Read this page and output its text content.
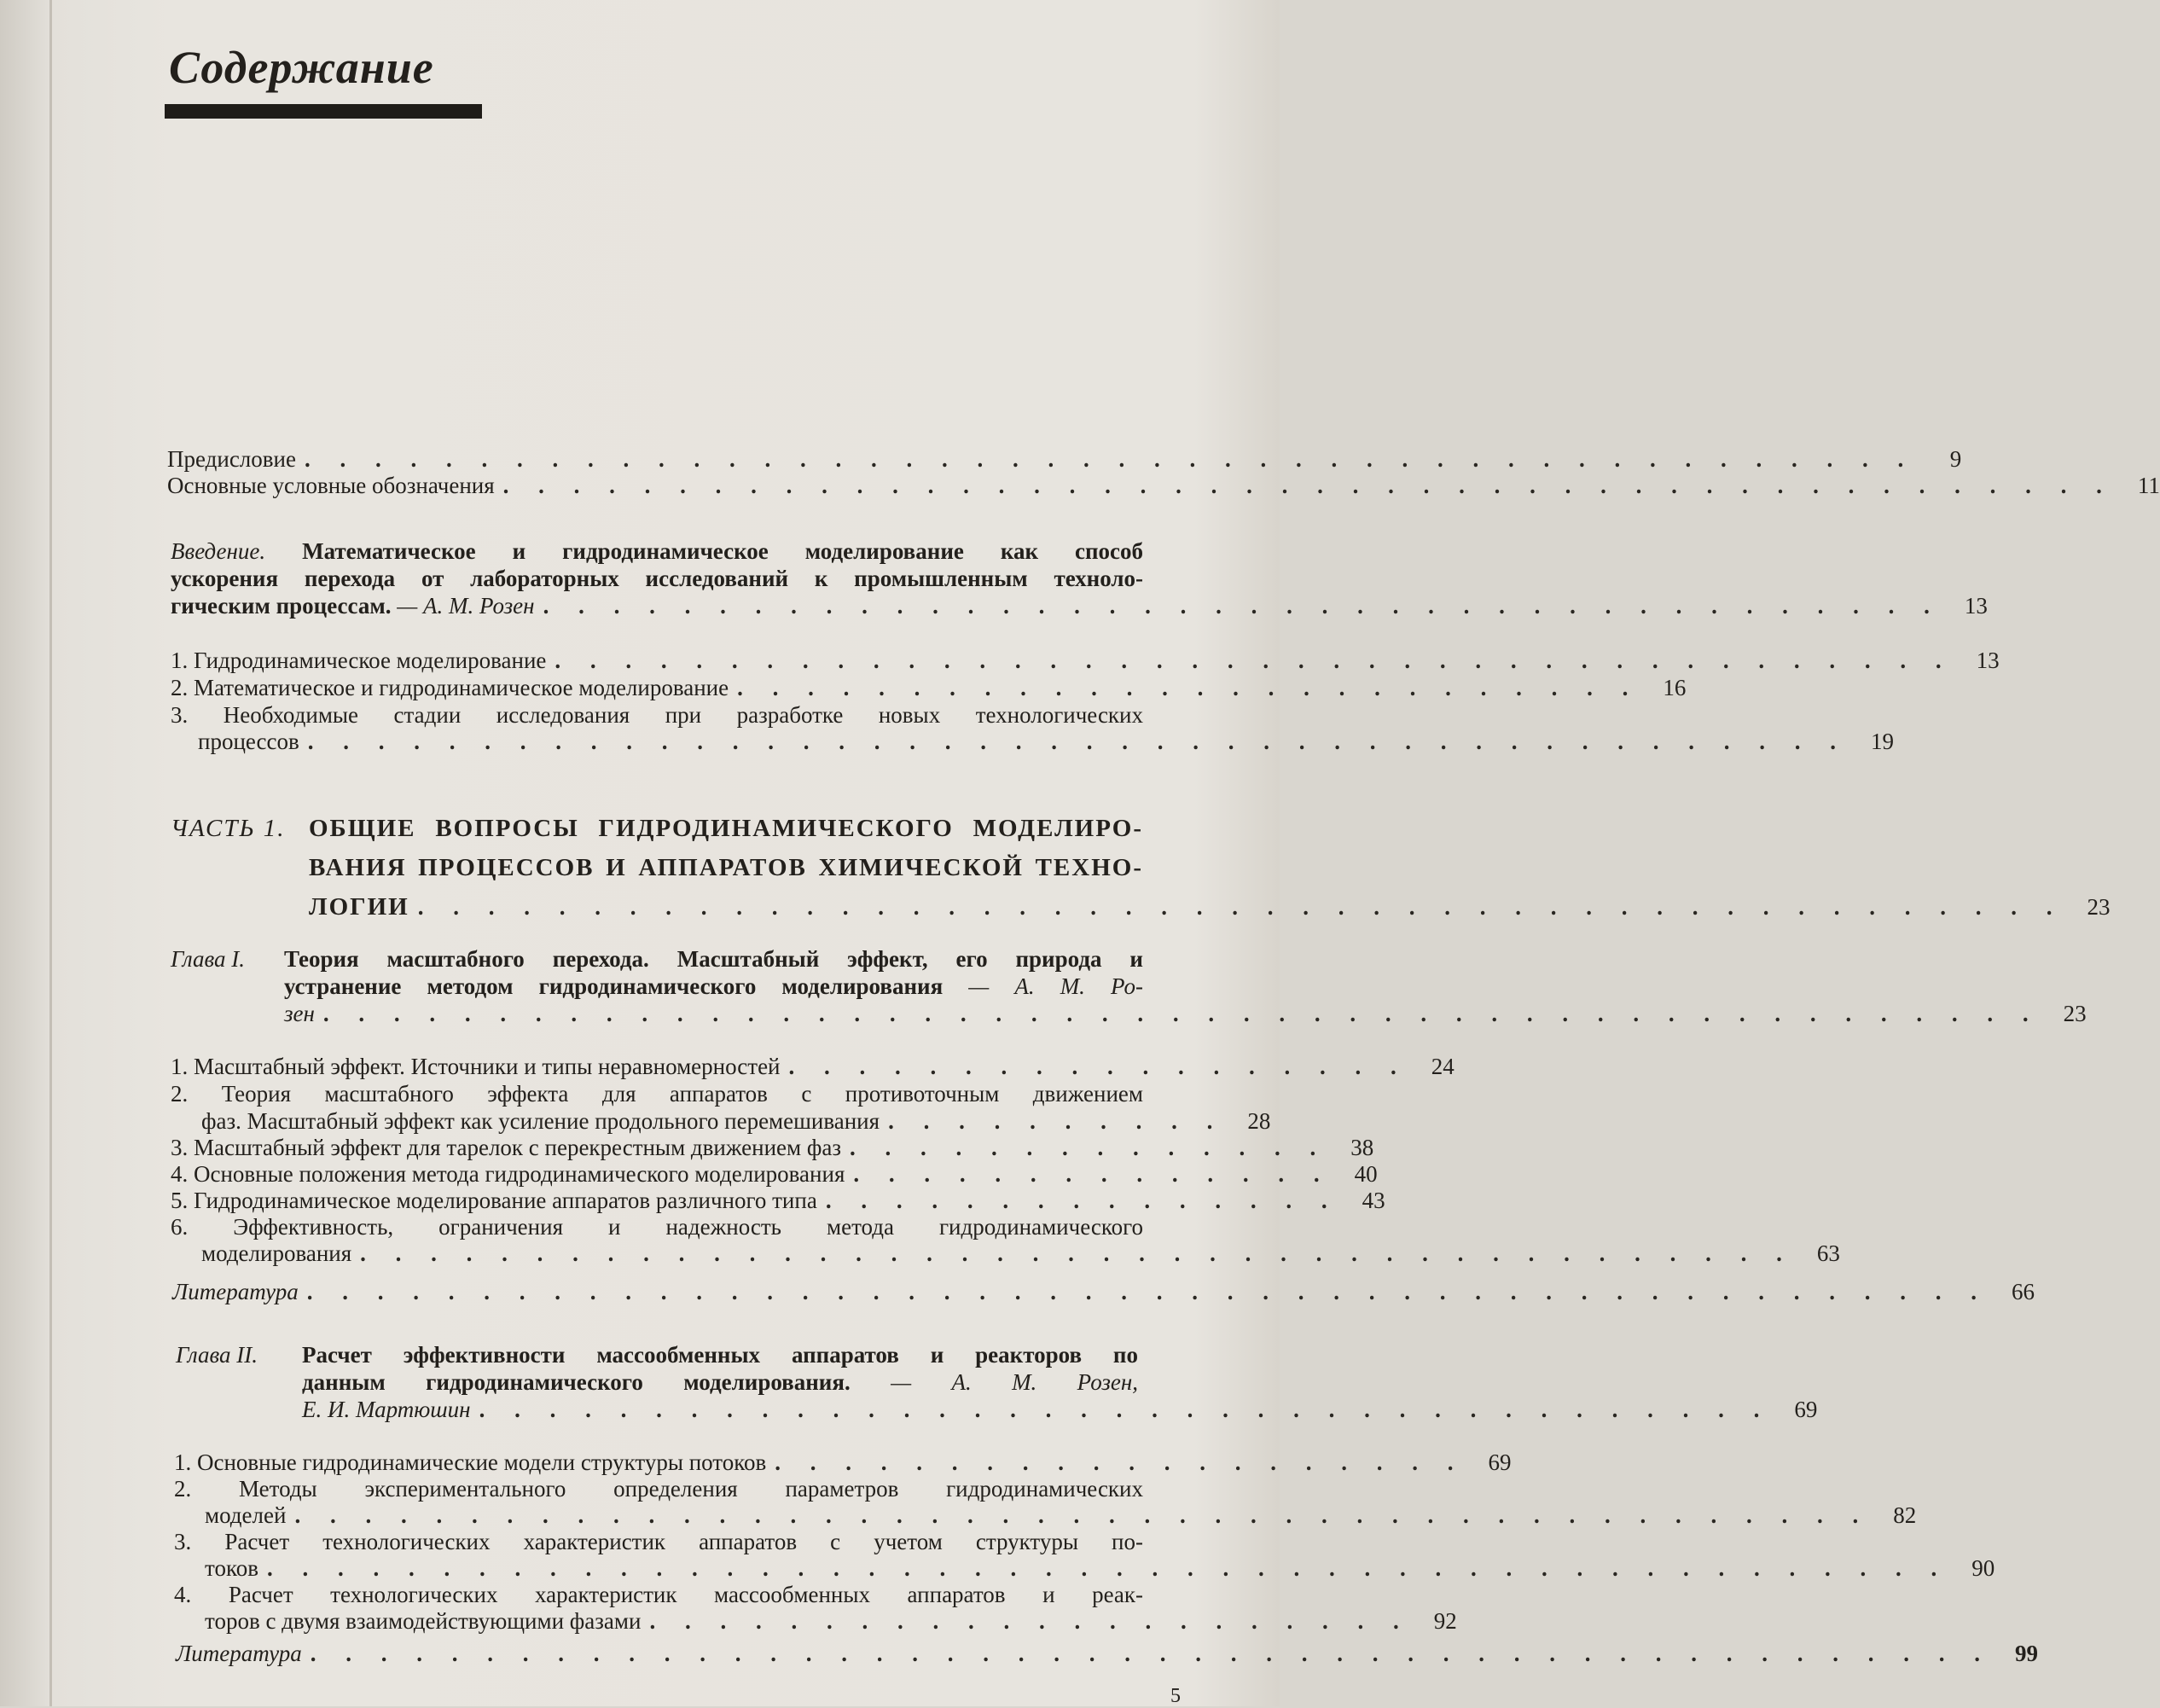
Содержание
Предисловие . . . . . . . . . . . . . . . . . . . . . . . . . . . . . . . . . . . . . . . . . . . . . .	9
Основные условные обозначения . . . . . . . . . . . . . . . . . . . . . . . . . . . . . . . . . . . . . . . . . . . . . .	11
Введение. Математическое и гидродинамическое моделирование как способ
ускорения перехода от лабораторных исследований к промышленным техноло-
гическим процессам. — А. М. Розен . . . . . . . . . . . . . . . . . . . . . . . . . . . . . . . . . . . . . . . .	13
1. Гидродинамическое моделирование . . . . . . . . . . . . . . . . . . . . . . . . . . . . . . . . . . . . . . . .	13
2. Математическое и гидродинамическое моделирование . . . . . . . . . . . . . . . . . . . . . . . . . .	16
3. Необходимые стадии исследования при разработке новых технологических
процессов . . . . . . . . . . . . . . . . . . . . . . . . . . . . . . . . . . . . . . . . . . . .	19
ЧАСТЬ 1. ОБЩИЕ ВОПРОСЫ ГИДРОДИНАМИЧЕСКОГО МОДЕЛИРО-
ВАНИЯ ПРОЦЕССОВ И АППАРАТОВ ХИМИЧЕСКОЙ ТЕХНО-
ЛОГИИ . . . . . . . . . . . . . . . . . . . . . . . . . . . . . . . . . . . . . . . . . . . . . . .	23
Глава I. Теория масштабного перехода. Масштабный эффект, его природа и
устранение методом гидродинамического моделирования — А. М. Ро-
зен . . . . . . . . . . . . . . . . . . . . . . . . . . . . . . . . . . . . . . . . . . . . . . . . .	23
1. Масштабный эффект. Источники и типы неравномерностей . . . . . . . . . . . . . . . . . .	24
2. Теория масштабного эффекта для аппаратов с противоточным движением
фаз. Масштабный эффект как усиление продольного перемешивания . . . . . . . . . .	28
3. Масштабный эффект для тарелок с перекрестным движением фаз . . . . . . . . . . . . . .	38
4. Основные положения метода гидродинамического моделирования . . . . . . . . . . . . . .	40
5. Гидродинамическое моделирование аппаратов различного типа . . . . . . . . . . . . . . .	43
6. Эффективность, ограничения и надежность метода гидродинамического
моделирования . . . . . . . . . . . . . . . . . . . . . . . . . . . . . . . . . . . . . . . . .	63
Литература . . . . . . . . . . . . . . . . . . . . . . . . . . . . . . . . . . . . . . . . . . . . . . . .	66
Глава II. Расчет эффективности массообменных аппаратов и реакторов по
данным гидродинамического моделирования. — А. М. Розен,
Е. И. Мартюшин . . . . . . . . . . . . . . . . . . . . . . . . . . . . . . . . . . . . .	69
1. Основные гидродинамические модели структуры потоков . . . . . . . . . . . . . . . . . . . .	69
2. Методы экспериментального определения параметров гидродинамических
моделей . . . . . . . . . . . . . . . . . . . . . . . . . . . . . . . . . . . . . . . . . . . . .	82
3. Расчет технологических характеристик аппаратов с учетом структуры по-
токов . . . . . . . . . . . . . . . . . . . . . . . . . . . . . . . . . . . . . . . . . . . . . . . .	90
4. Расчет технологических характеристик массообменных аппаратов и реак-
торов с двумя взаимодействующими фазами . . . . . . . . . . . . . . . . . . . . . .	92
Литература . . . . . . . . . . . . . . . . . . . . . . . . . . . . . . . . . . . . . . . . . . . . . . . .	99
5
